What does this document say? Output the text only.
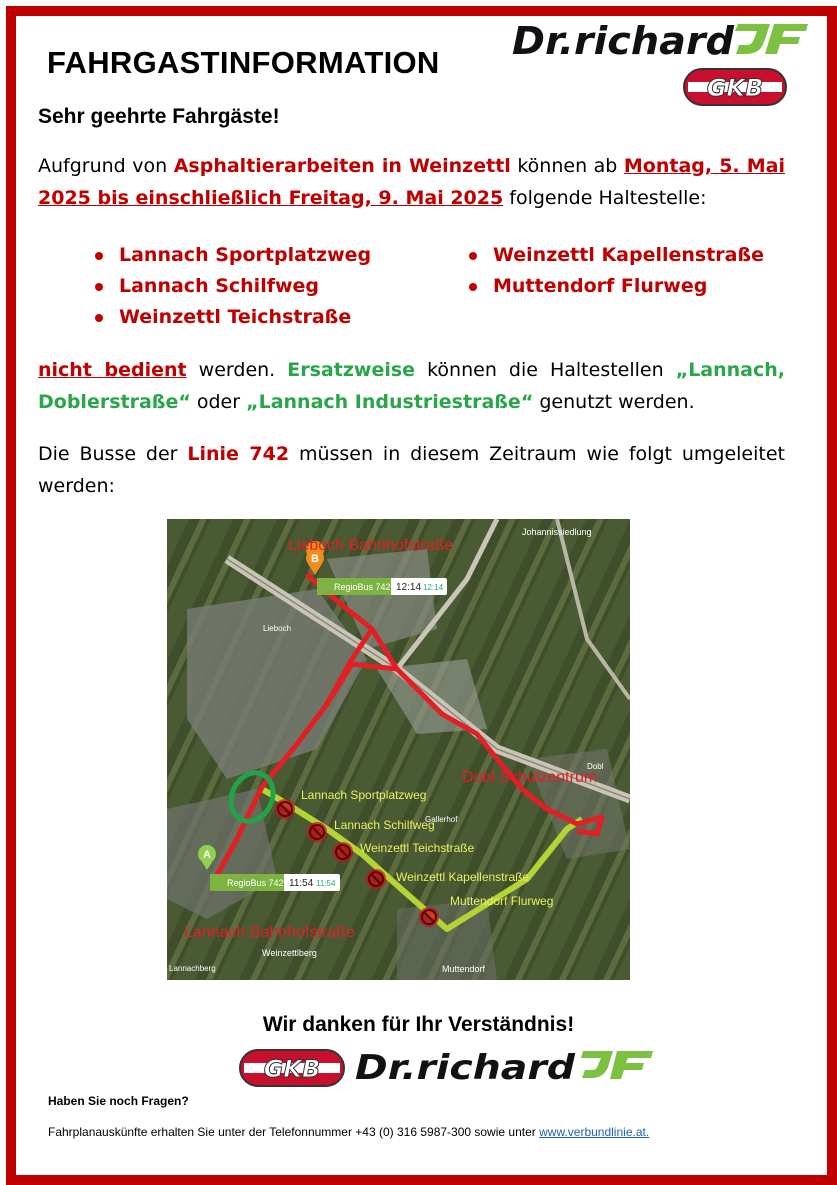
Dr.richard
GKB
FAHRGASTINFORMATION
Sehr geehrte Fahrgäste!
Aufgrund von Asphaltierarbeiten in Weinzettl können ab Montag, 5. Mai 2025 bis einschließlich Freitag, 9. Mai 2025 folgende Haltestelle:
Lannach Sportplatzweg
Lannach Schilfweg
Weinzettl Teichstraße
Weinzettl Kapellenstraße
Muttendorf Flurweg
nicht bedient werden. Ersatzweise können die Haltestellen „Lannach, Doblerstraße“ oder „Lannach Industriestraße“ genutzt werden.
Die Busse der Linie 742 müssen in diesem Zeitraum wie folgt umgeleitet werden:
B
A
RegioBus 742 12:14 12:14
RegioBus 742 11:54 11:54
Johannissiedlung
Muttendorf
Weinzettlberg
Gallerhof
Lannachberg
Lieboch
Dobl
Lieboch Bahnhofstraße
Dobl Schulzentrum
Lannach Bahnhofstraße
Lannach Sportplatzweg
Lannach Schilfweg
Weinzettl Teichstraße
Weinzettl Kapellenstraße
Muttendorf Flurweg
Wir danken für Ihr Verständnis!
GKB Dr.richard
Haben Sie noch Fragen?
Fahrplanauskünfte erhalten Sie unter der Telefonnummer +43 (0) 316 5987-300 sowie unter www.verbundlinie.at.
